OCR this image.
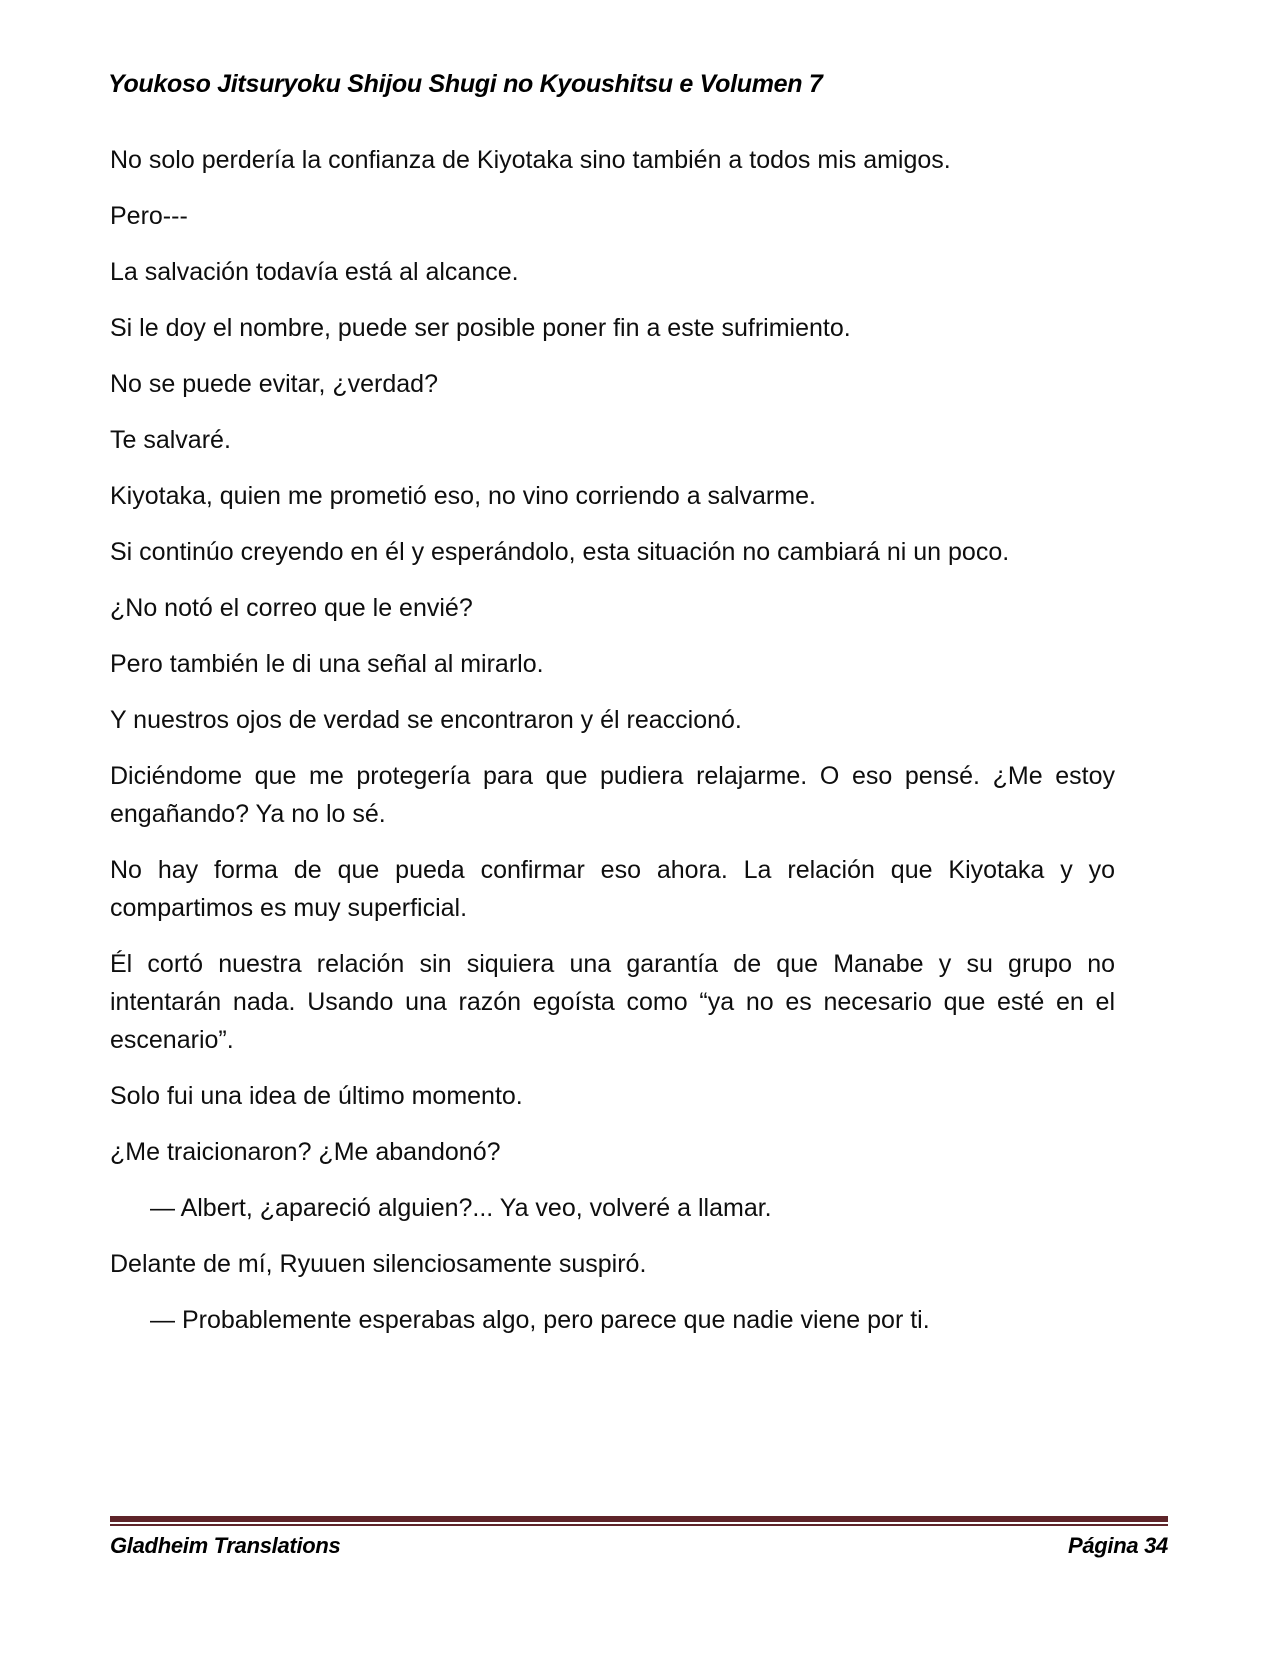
Youkoso Jitsuryoku Shijou Shugi no Kyoushitsu e Volumen 7

No solo perdería la confianza de Kiyotaka sino también a todos mis amigos.

Pero---

La salvación todavía está al alcance.

Si le doy el nombre, puede ser posible poner fin a este sufrimiento.

No se puede evitar, ¿verdad?

Te salvaré.

Kiyotaka, quien me prometió eso, no vino corriendo a salvarme.

Si continúo creyendo en él y esperándolo, esta situación no cambiará ni un poco.

¿No notó el correo que le envié?

Pero también le di una señal al mirarlo.

Y nuestros ojos de verdad se encontraron y él reaccionó.

Diciéndome que me protegería para que pudiera relajarme. O eso pensé. ¿Me estoy engañando? Ya no lo sé.

No hay forma de que pueda confirmar eso ahora. La relación que Kiyotaka y yo compartimos es muy superficial.

Él cortó nuestra relación sin siquiera una garantía de que Manabe y su grupo no intentarán nada. Usando una razón egoísta como “ya no es necesario que esté en el escenario”.

Solo fui una idea de último momento.

¿Me traicionaron? ¿Me abandonó?

— Albert, ¿apareció alguien?... Ya veo, volveré a llamar.

Delante de mí, Ryuuen silenciosamente suspiró.

— Probablemente esperabas algo, pero parece que nadie viene por ti.

Gladheim Translations	Página 34
